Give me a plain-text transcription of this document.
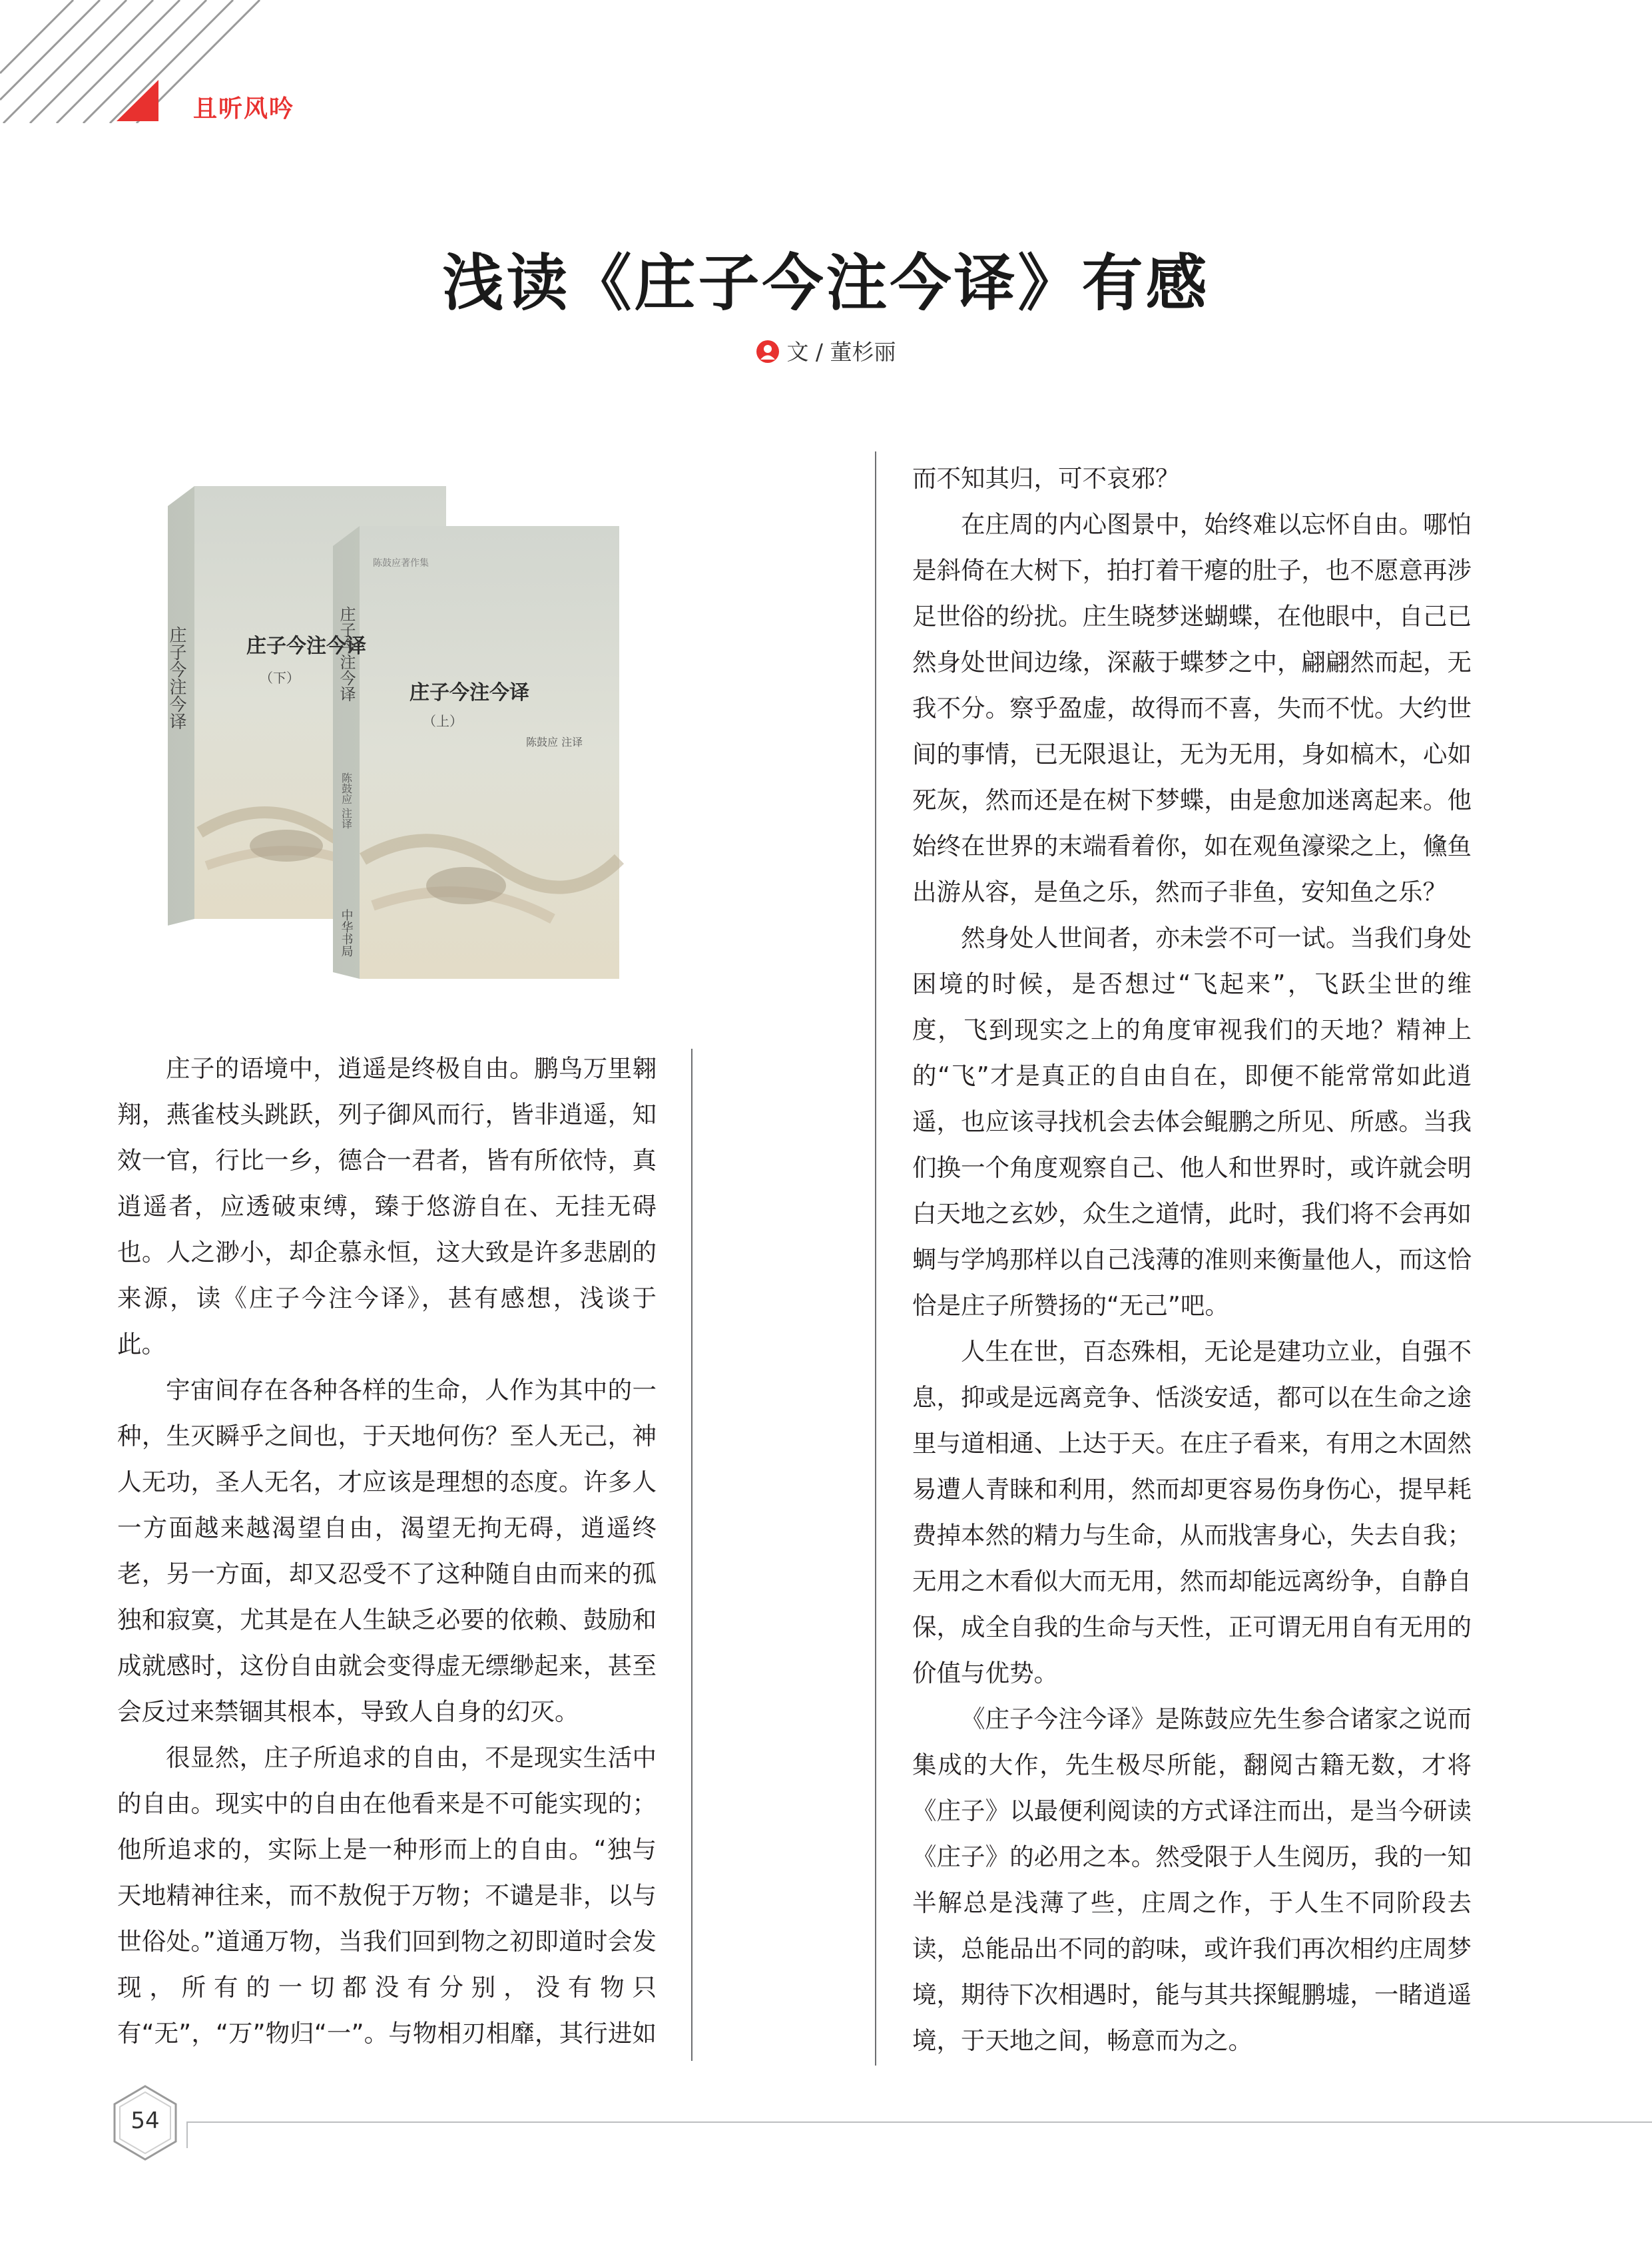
且听风吟
浅读《庄子今注今译》有感
文 / 董杉丽
庄子今注今译	庄子今注今译
（下） 庄子今注今译
陈鼓应 注译
中华书局
陈鼓应著作集
庄子今注今译
（上）
陈鼓应 注译

庄子的语境中，逍遥是终极自由。鹏鸟万里翱翔，燕雀枝头跳跃，列子御风而行，皆非逍遥，知效一官，行比一乡，德合一君者，皆有所依恃，真逍遥者，应透破束缚，臻于悠游自在、无挂无碍也。人之渺小，却企慕永恒，这大致是许多悲剧的来源，读《庄子今注今译》，甚有感想，浅谈于此。

宇宙间存在各种各样的生命，人作为其中的一种，生灭瞬乎之间也，于天地何伤？至人无己，神人无功，圣人无名，才应该是理想的态度。许多人一方面越来越渴望自由，渴望无拘无碍，逍遥终老，另一方面，却又忍受不了这种随自由而来的孤独和寂寞，尤其是在人生缺乏必要的依赖、鼓励和成就感时，这份自由就会变得虚无缥缈起来，甚至会反过来禁锢其根本，导致人自身的幻灭。

很显然，庄子所追求的自由，不是现实生活中的自由。现实中的自由在他看来是不可能实现的；他所追求的，实际上是一种形而上的自由。“独与天地精神往来，而不敖倪于万物；不谴是非，以与世俗处。”道通万物，当我们回到物之初即道时会发现，所有的一切都没有分别，没有物只有“无”，“万”物归“一”。与物相刃相靡，其行进如

而不知其归，可不哀邪？

在庄周的内心图景中，始终难以忘怀自由。哪怕是斜倚在大树下，拍打着干瘪的肚子，也不愿意再涉足世俗的纷扰。庄生晓梦迷蝴蝶，在他眼中，自己已然身处世间边缘，深蔽于蝶梦之中，翩翩然而起，无我不分。察乎盈虚，故得而不喜，失而不忧。大约世间的事情，已无限退让，无为无用，身如槁木，心如死灰，然而还是在树下梦蝶，由是愈加迷离起来。他始终在世界的末端看着你，如在观鱼濠梁之上，儵鱼出游从容，是鱼之乐，然而子非鱼，安知鱼之乐？

然身处人世间者，亦未尝不可一试。当我们身处困境的时候，是否想过“飞起来”，飞跃尘世的维度，飞到现实之上的角度审视我们的天地？精神上的“飞”才是真正的自由自在，即便不能常常如此逍遥，也应该寻找机会去体会鲲鹏之所见、所感。当我们换一个角度观察自己、他人和世界时，或许就会明白天地之玄妙，众生之道情，此时，我们将不会再如蜩与学鸠那样以自己浅薄的准则来衡量他人，而这恰恰是庄子所赞扬的“无己”吧。

人生在世，百态殊相，无论是建功立业，自强不息，抑或是远离竞争、恬淡安适，都可以在生命之途里与道相通、上达于天。在庄子看来，有用之木固然易遭人青睐和利用，然而却更容易伤身伤心，提早耗费掉本然的精力与生命，从而戕害身心，失去自我；无用之木看似大而无用，然而却能远离纷争，自静自保，成全自我的生命与天性，正可谓无用自有无用的价值与优势。

《庄子今注今译》是陈鼓应先生参合诸家之说而集成的大作，先生极尽所能，翻阅古籍无数，才将《庄子》以最便利阅读的方式译注而出，是当今研读《庄子》的必用之本。然受限于人生阅历，我的一知半解总是浅薄了些，庄周之作，于人生不同阶段去读，总能品出不同的韵味，或许我们再次相约庄周梦境，期待下次相遇时，能与其共探鲲鹏墟，一睹逍遥境，于天地之间，畅意而为之。

54
